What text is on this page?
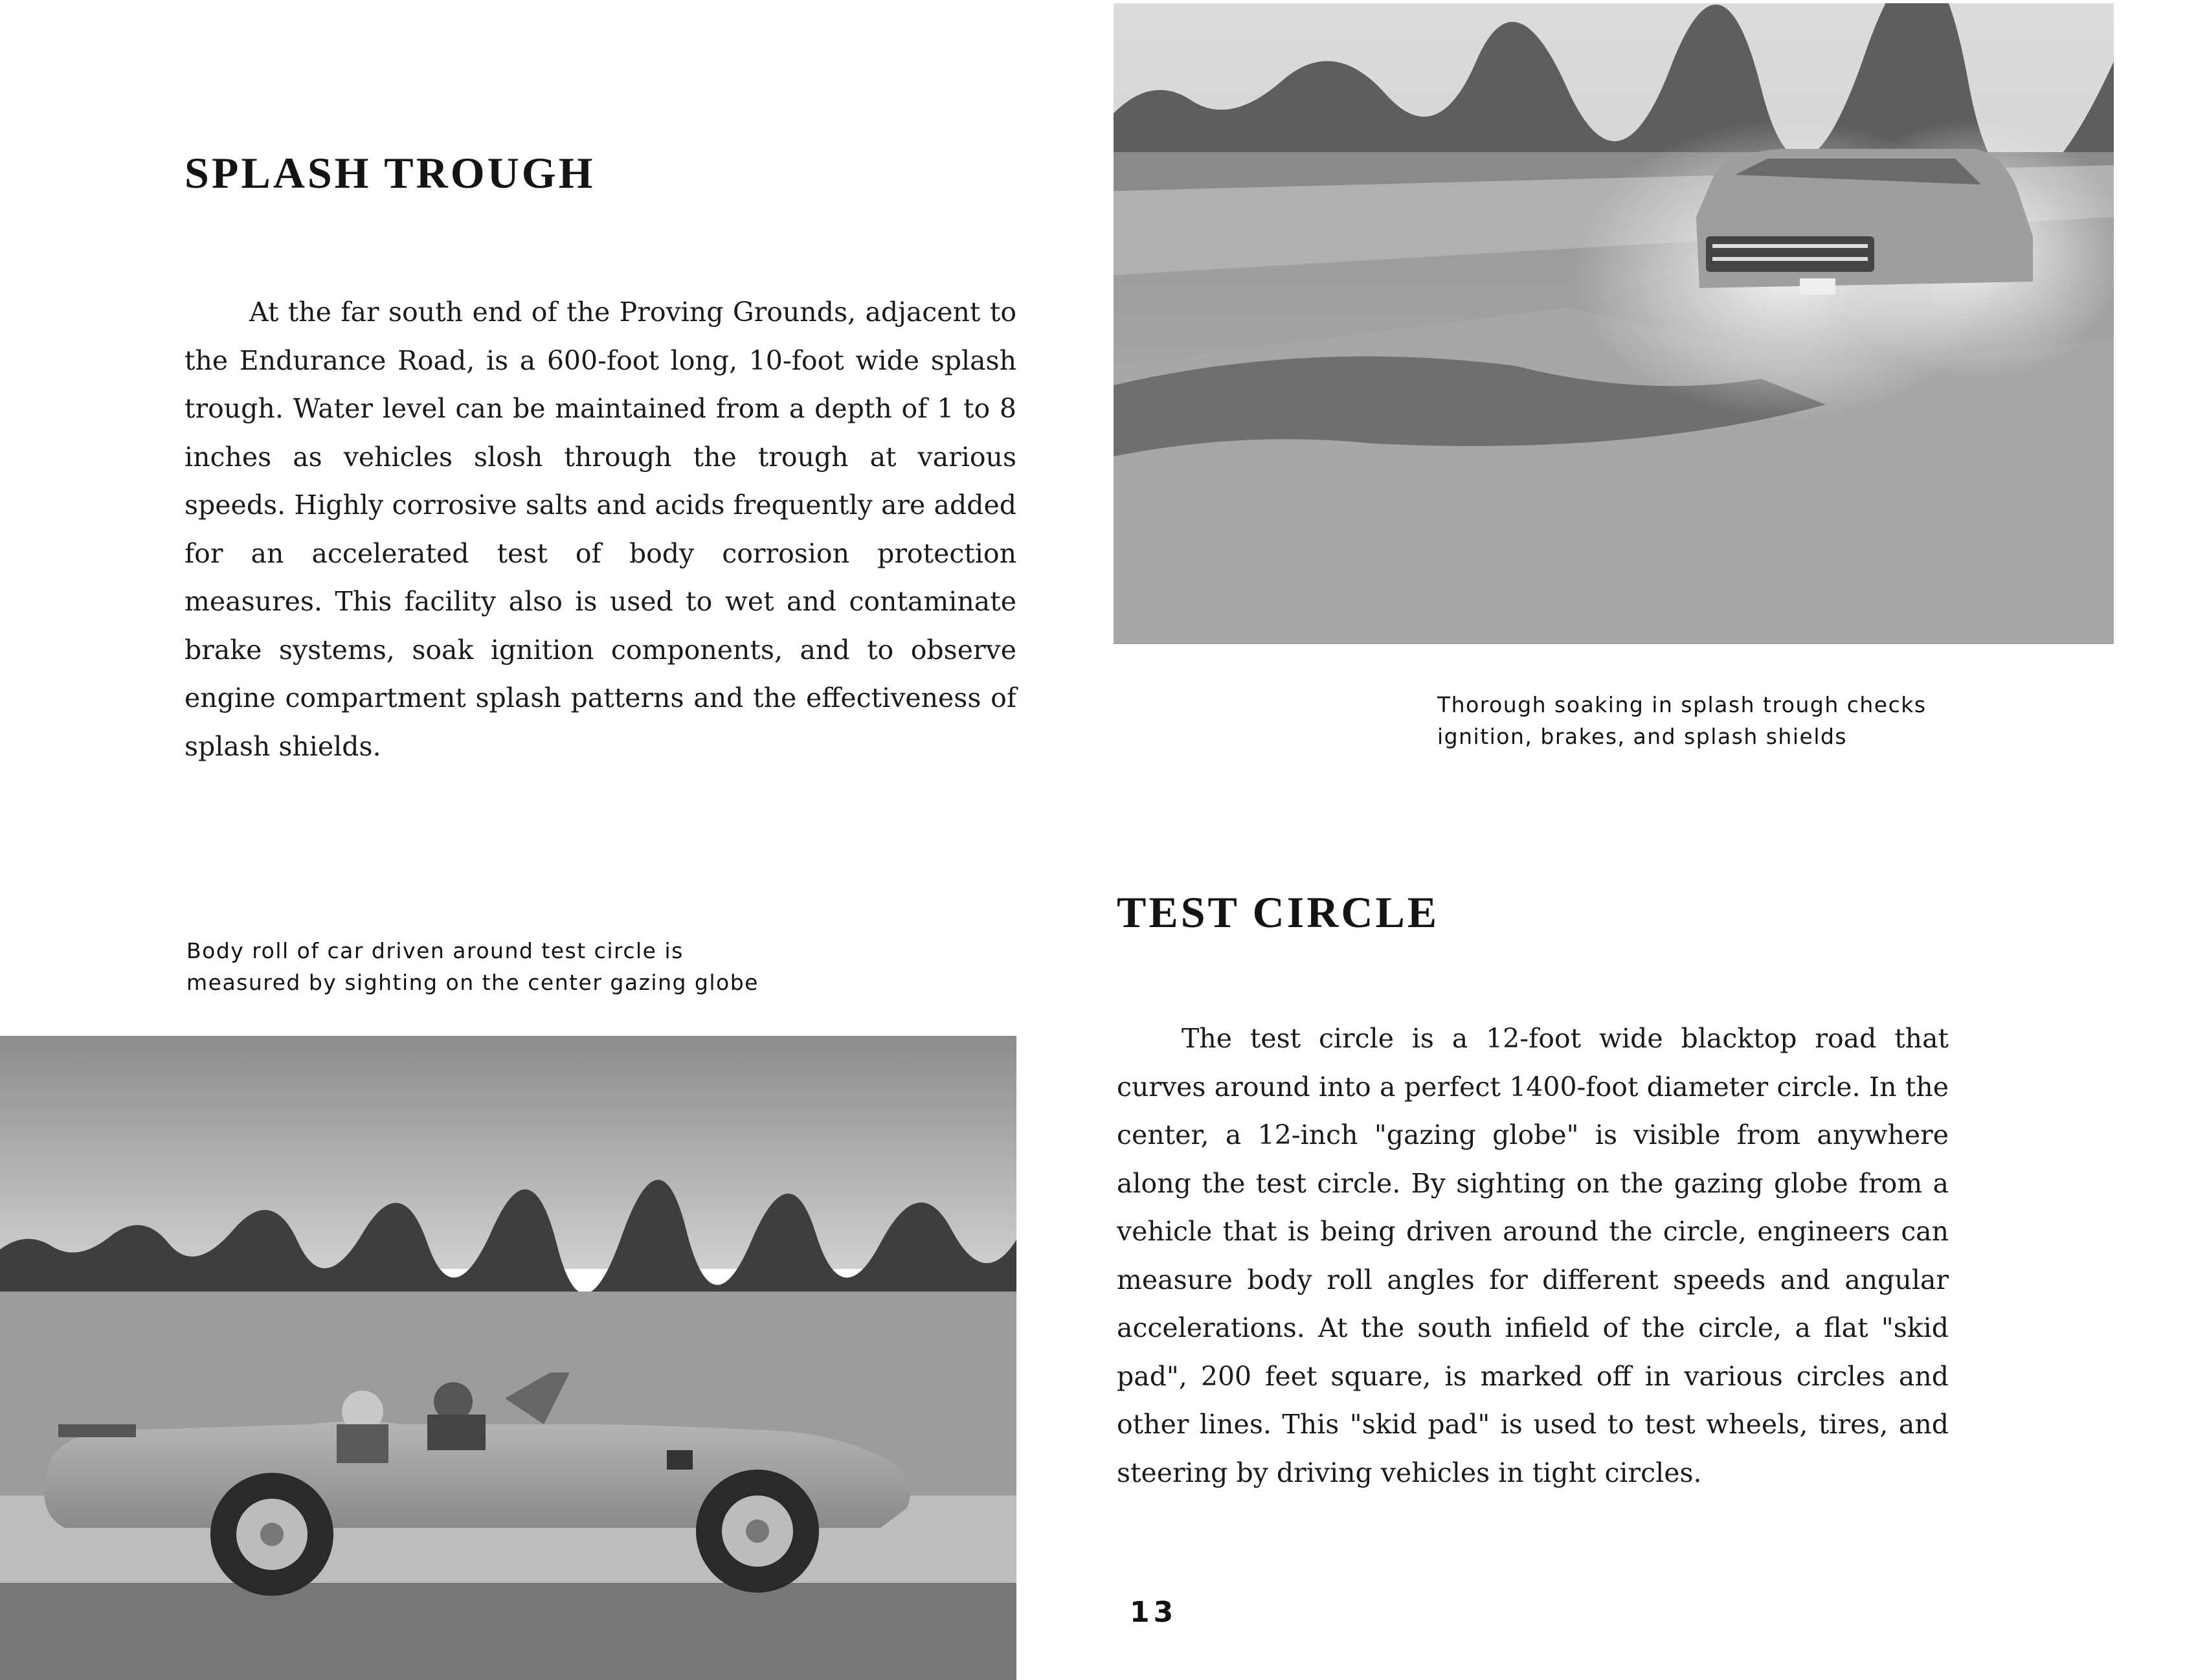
SPLASH TROUGH

At the far south end of the Proving Grounds, adjacent to the Endurance Road, is a 600-foot long, 10-foot wide splash trough. Water level can be maintained from a depth of 1 to 8 inches as vehicles slosh through the trough at various speeds. Highly corrosive salts and acids frequently are added for an accelerated test of body corrosion protection measures. This facility also is used to wet and contaminate brake systems, soak ignition components, and to observe engine compartment splash patterns and the effectiveness of splash shields.

Thorough soaking in splash trough checks
ignition, brakes, and splash shields

Body roll of car driven around test circle is
measured by sighting on the center gazing globe

TEST CIRCLE

The test circle is a 12-foot wide blacktop road that curves around into a perfect 1400-foot diameter circle. In the center, a 12-inch "gazing globe" is visible from anywhere along the test circle. By sighting on the gazing globe from a vehicle that is being driven around the circle, engineers can measure body roll angles for different speeds and angular accelerations. At the south infield of the circle, a flat "skid pad", 200 feet square, is marked off in various circles and other lines. This "skid pad" is used to test wheels, tires, and steering by driving vehicles in tight circles.

13
